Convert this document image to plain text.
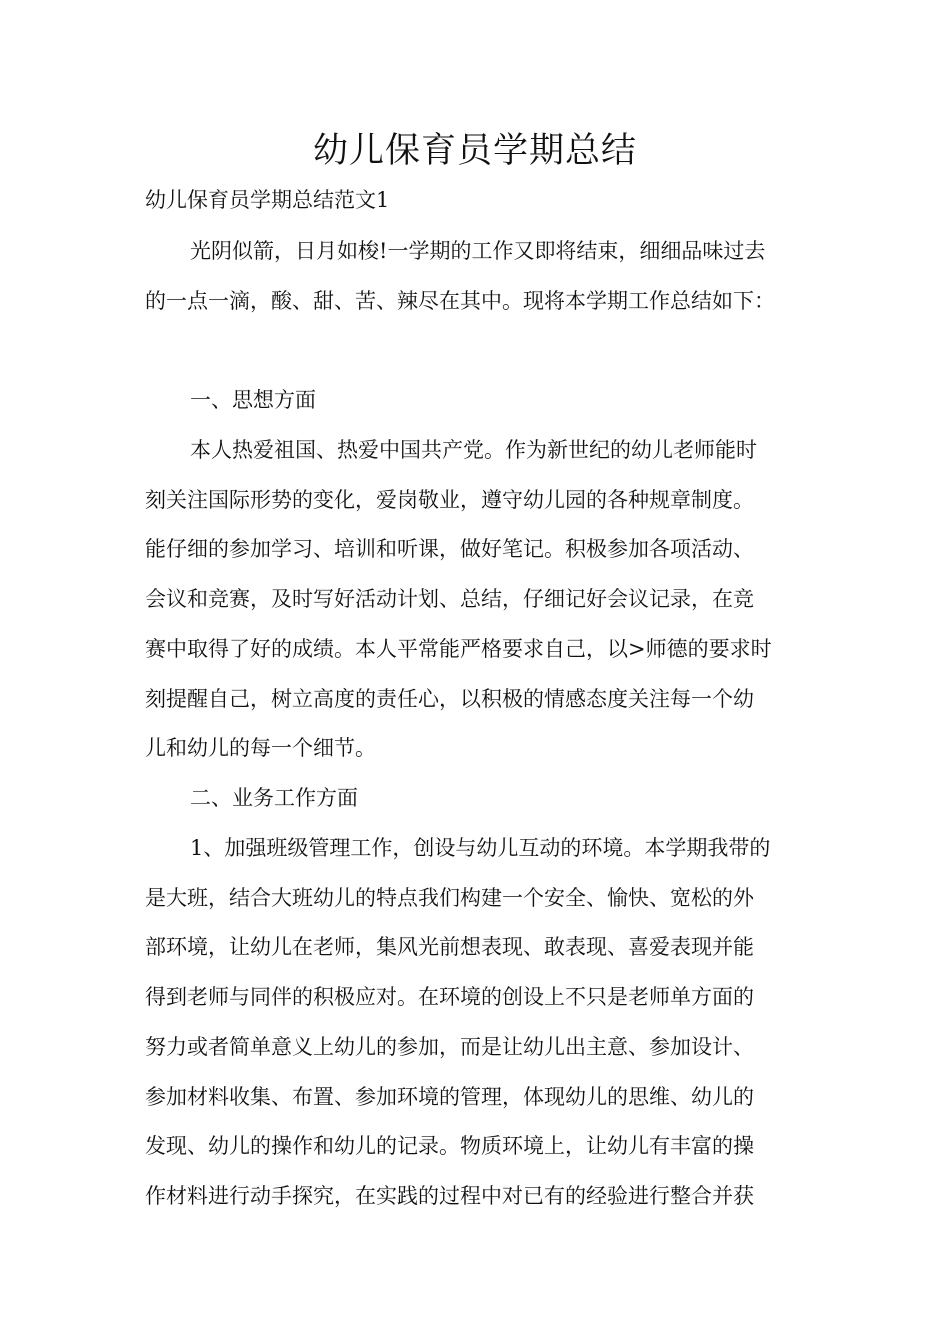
幼儿保育员学期总结

幼儿保育员学期总结范文1

光阴似箭，日月如梭!一学期的工作又即将结束，细细品味过去

的一点一滴，酸、甜、苦、辣尽在其中。现将本学期工作总结如下：

一、思想方面

本人热爱祖国、热爱中国共产党。作为新世纪的幼儿老师能时

刻关注国际形势的变化，爱岗敬业，遵守幼儿园的各种规章制度。

能仔细的参加学习、培训和听课，做好笔记。积极参加各项活动、

会议和竞赛，及时写好活动计划、总结，仔细记好会议记录，在竞

赛中取得了好的成绩。本人平常能严格要求自己，以>师德的要求时

刻提醒自己，树立高度的责任心，以积极的情感态度关注每一个幼

儿和幼儿的每一个细节。

二、业务工作方面

1、加强班级管理工作，创设与幼儿互动的环境。本学期我带的

是大班，结合大班幼儿的特点我们构建一个安全、愉快、宽松的外

部环境，让幼儿在老师，集风光前想表现、敢表现、喜爱表现并能

得到老师与同伴的积极应对。在环境的创设上不只是老师单方面的

努力或者简单意义上幼儿的参加，而是让幼儿出主意、参加设计、

参加材料收集、布置、参加环境的管理，体现幼儿的思维、幼儿的

发现、幼儿的操作和幼儿的记录。物质环境上，让幼儿有丰富的操

作材料进行动手探究，在实践的过程中对已有的经验进行整合并获
